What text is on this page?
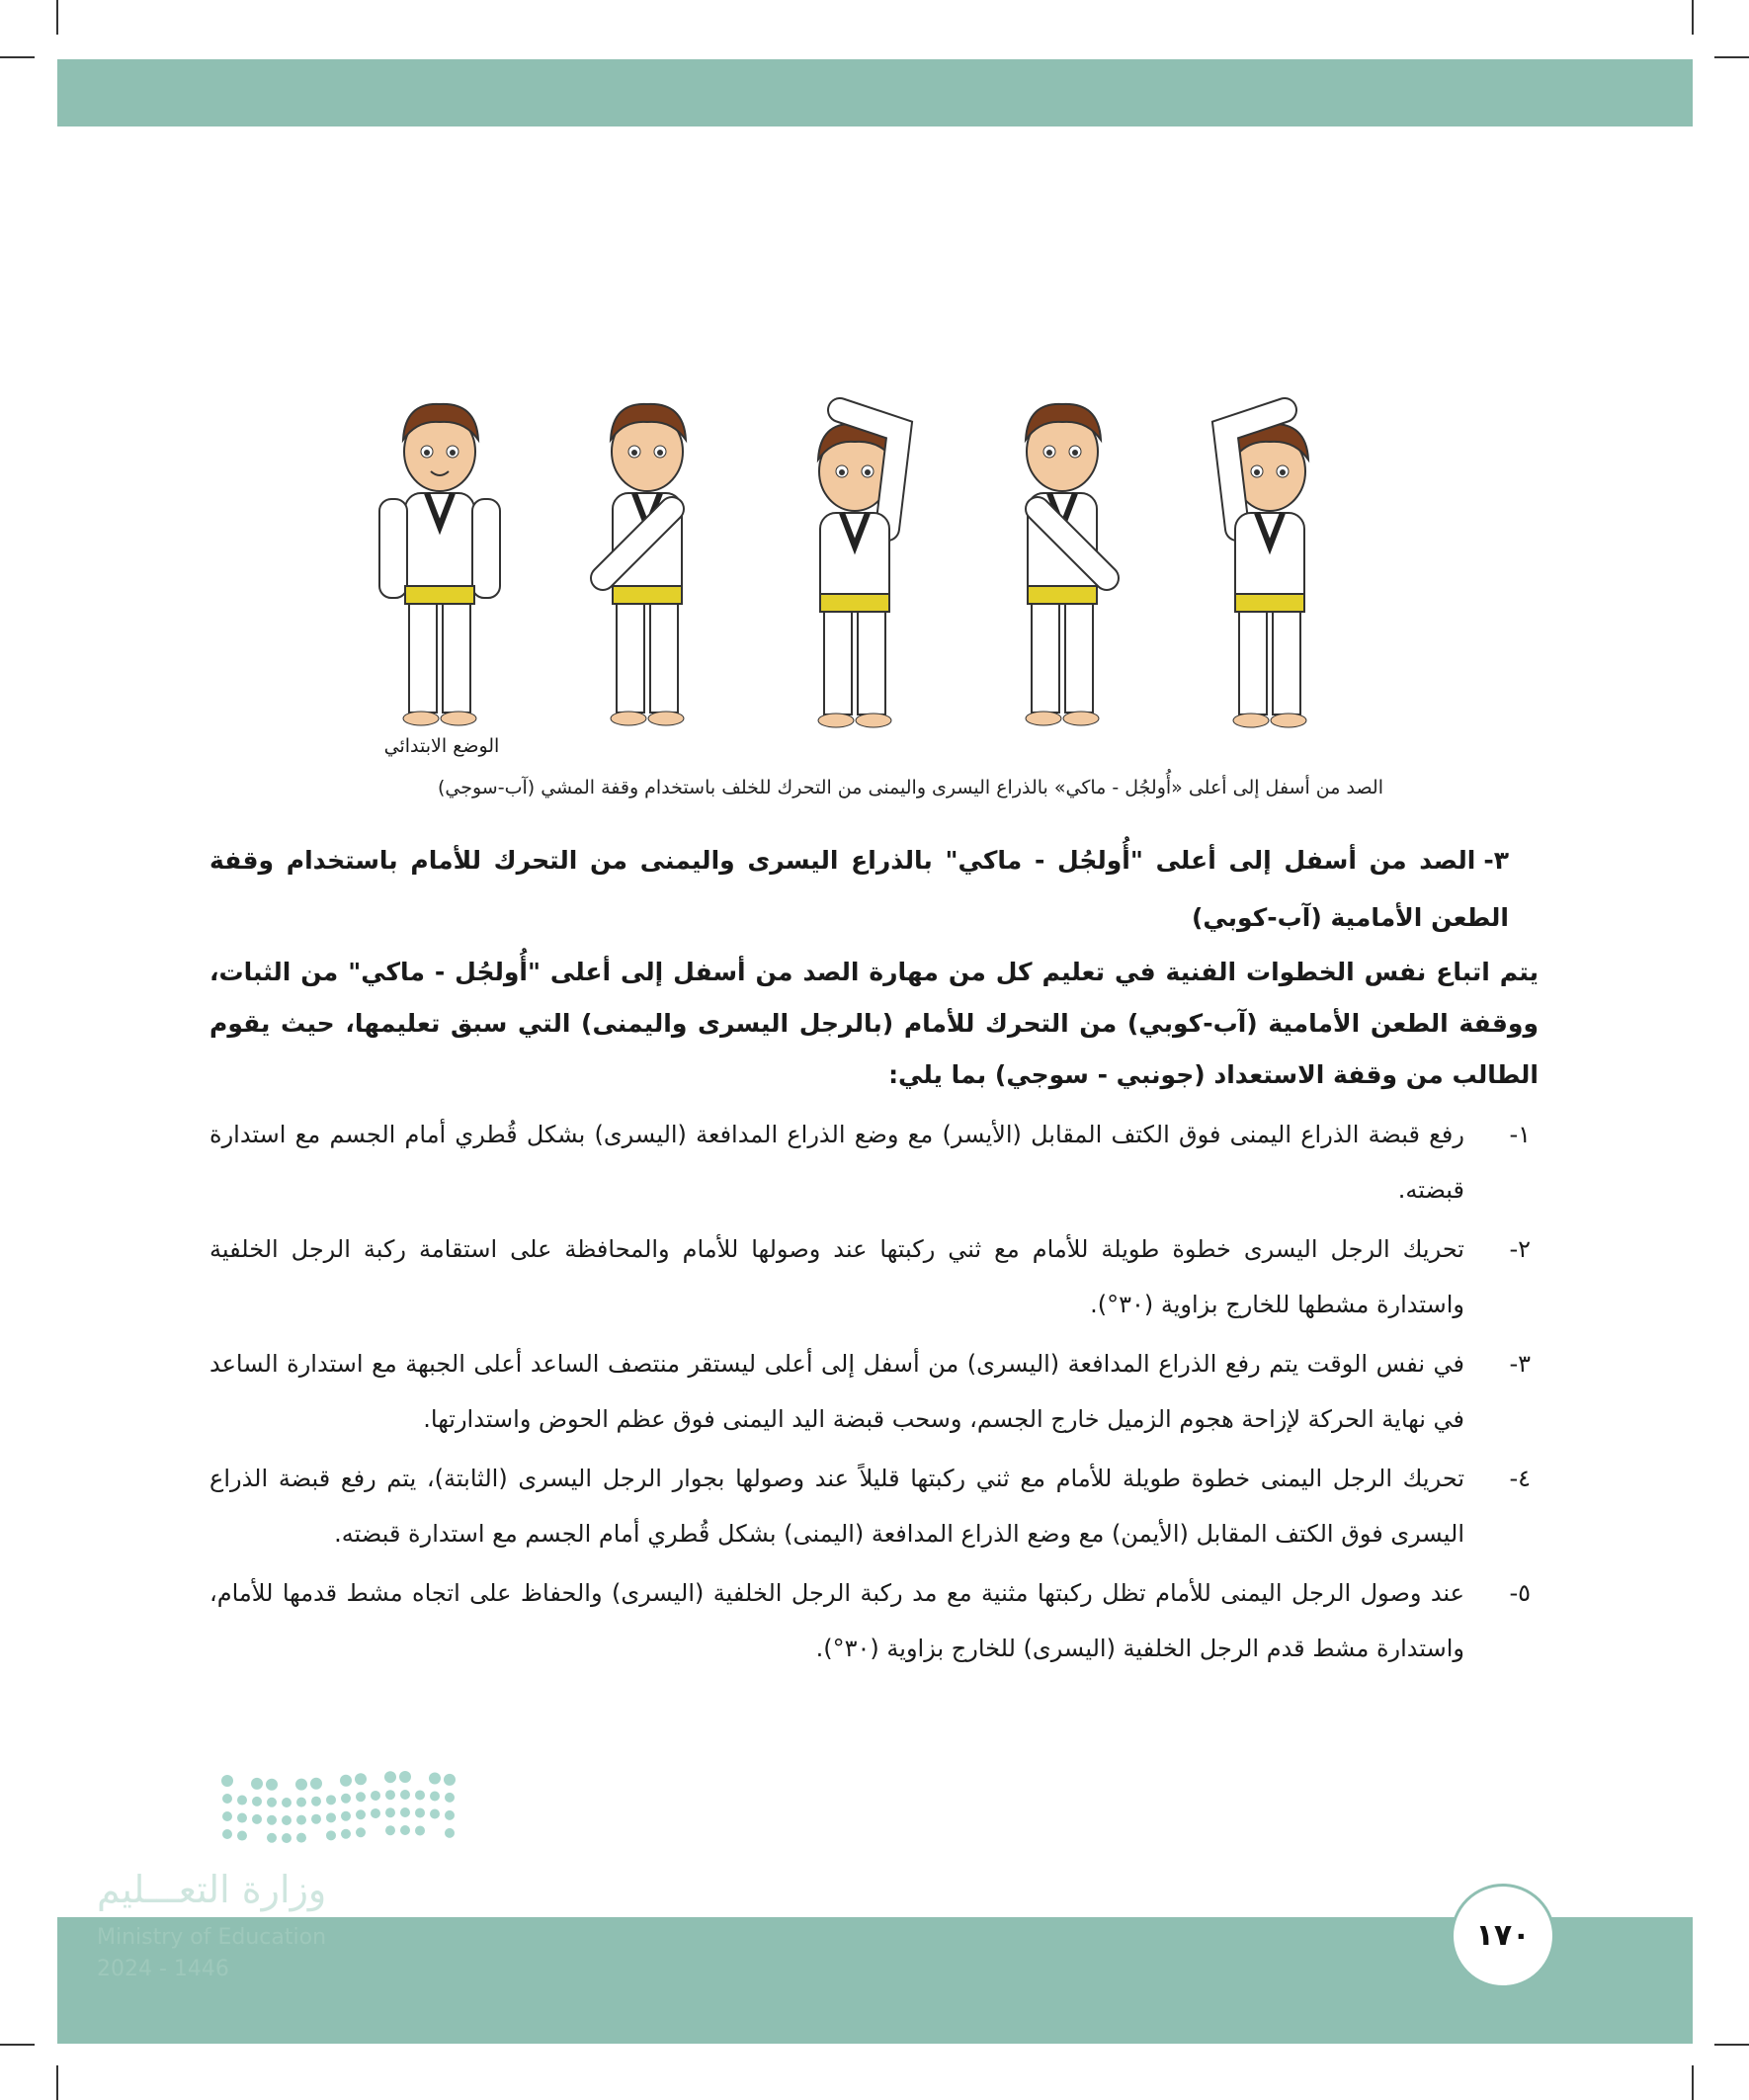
الوضع الابتدائي
الصد من أسفل إلى أعلى «أُولجُل - ماكي» بالذراع اليسرى واليمنى من التحرك للخلف باستخدام وقفة المشي (آب-سوجي)
٣-الصد من أسفل إلى أعلى "أُولجُل - ماكي" بالذراع اليسرى واليمنى من التحرك للأمام باستخدام وقفة الطعن الأمامية (آب-كوبي)
يتم اتباع نفس الخطوات الفنية في تعليم كل من مهارة الصد من أسفل إلى أعلى "أُولجُل - ماكي" من الثبات، ووقفة الطعن الأمامية (آب-كوبي) من التحرك للأمام (بالرجل اليسرى واليمنى) التي سبق تعليمها، حيث يقوم الطالب من وقفة الاستعداد (جونبي - سوجي) بما يلي:
١-
رفع قبضة الذراع اليمنى فوق الكتف المقابل (الأيسر) مع وضع الذراع المدافعة (اليسرى) بشكل قُطري أمام الجسم مع استدارة قبضته.
٢-
تحريك الرجل اليسرى خطوة طويلة للأمام مع ثني ركبتها عند وصولها للأمام والمحافظة على استقامة ركبة الرجل الخلفية واستدارة مشطها للخارج بزاوية (٣٠°).
٣-
في نفس الوقت يتم رفع الذراع المدافعة (اليسرى) من أسفل إلى أعلى ليستقر منتصف الساعد أعلى الجبهة مع استدارة الساعد في نهاية الحركة لإزاحة هجوم الزميل خارج الجسم، وسحب قبضة اليد اليمنى فوق عظم الحوض واستدارتها.
٤-
تحريك الرجل اليمنى خطوة طويلة للأمام مع ثني ركبتها قليلاً عند وصولها بجوار الرجل اليسرى (الثابتة)، يتم رفع قبضة الذراع اليسرى فوق الكتف المقابل (الأيمن) مع وضع الذراع المدافعة (اليمنى) بشكل قُطري أمام الجسم مع استدارة قبضته.
٥-
عند وصول الرجل اليمنى للأمام تظل ركبتها مثنية مع مد ركبة الرجل الخلفية (اليسرى) والحفاظ على اتجاه مشط قدمها للأمام، واستدارة مشط قدم الرجل الخلفية (اليسرى) للخارج بزاوية (٣٠°).
وزارة التعـــليم
Ministry of Education
2024 - 1446
١٧٠
